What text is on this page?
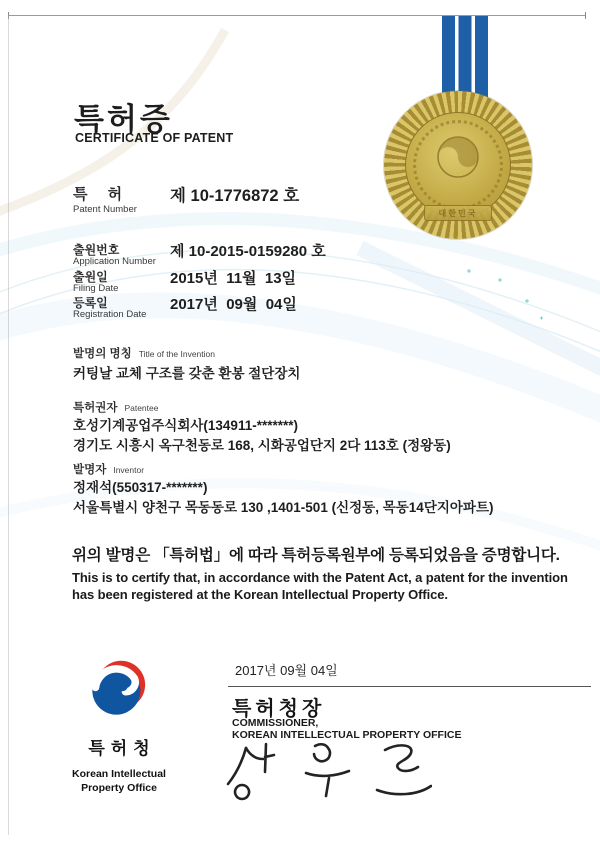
대한민국
특허증
CERTIFICATE OF PATENT
특 허
Patent Number
제 10-1776872 호
출원번호
Application Number
제 10-2015-0159280 호
출원일
Filing Date
2015년  11월  13일
등록일
Registration Date
2017년  09월  04일
발명의 명칭 Title of the Invention
커팅날 교체 구조를 갖춘 환봉 절단장치
특허권자 Patentee
호성기계공업주식회사(134911-*******)
경기도 시흥시 옥구천동로 168, 시화공업단지 2다 113호 (정왕동)
발명자 Inventor
정재석(550317-*******)
서울특별시 양천구 목동동로 130 ,1401-501 (신정동, 목동14단지아파트)
위의 발명은 「특허법」에 따라 특허등록원부에 등록되었음을 증명합니다.
This is to certify that, in accordance with the Patent Act, a patent for the invention
has been registered at the Korean Intellectual Property Office.
2017년 09월 04일
특허청장
COMMISSIONER,
KOREAN INTELLECTUAL PROPERTY OFFICE
특허청
Korean Intellectual
Property Office
